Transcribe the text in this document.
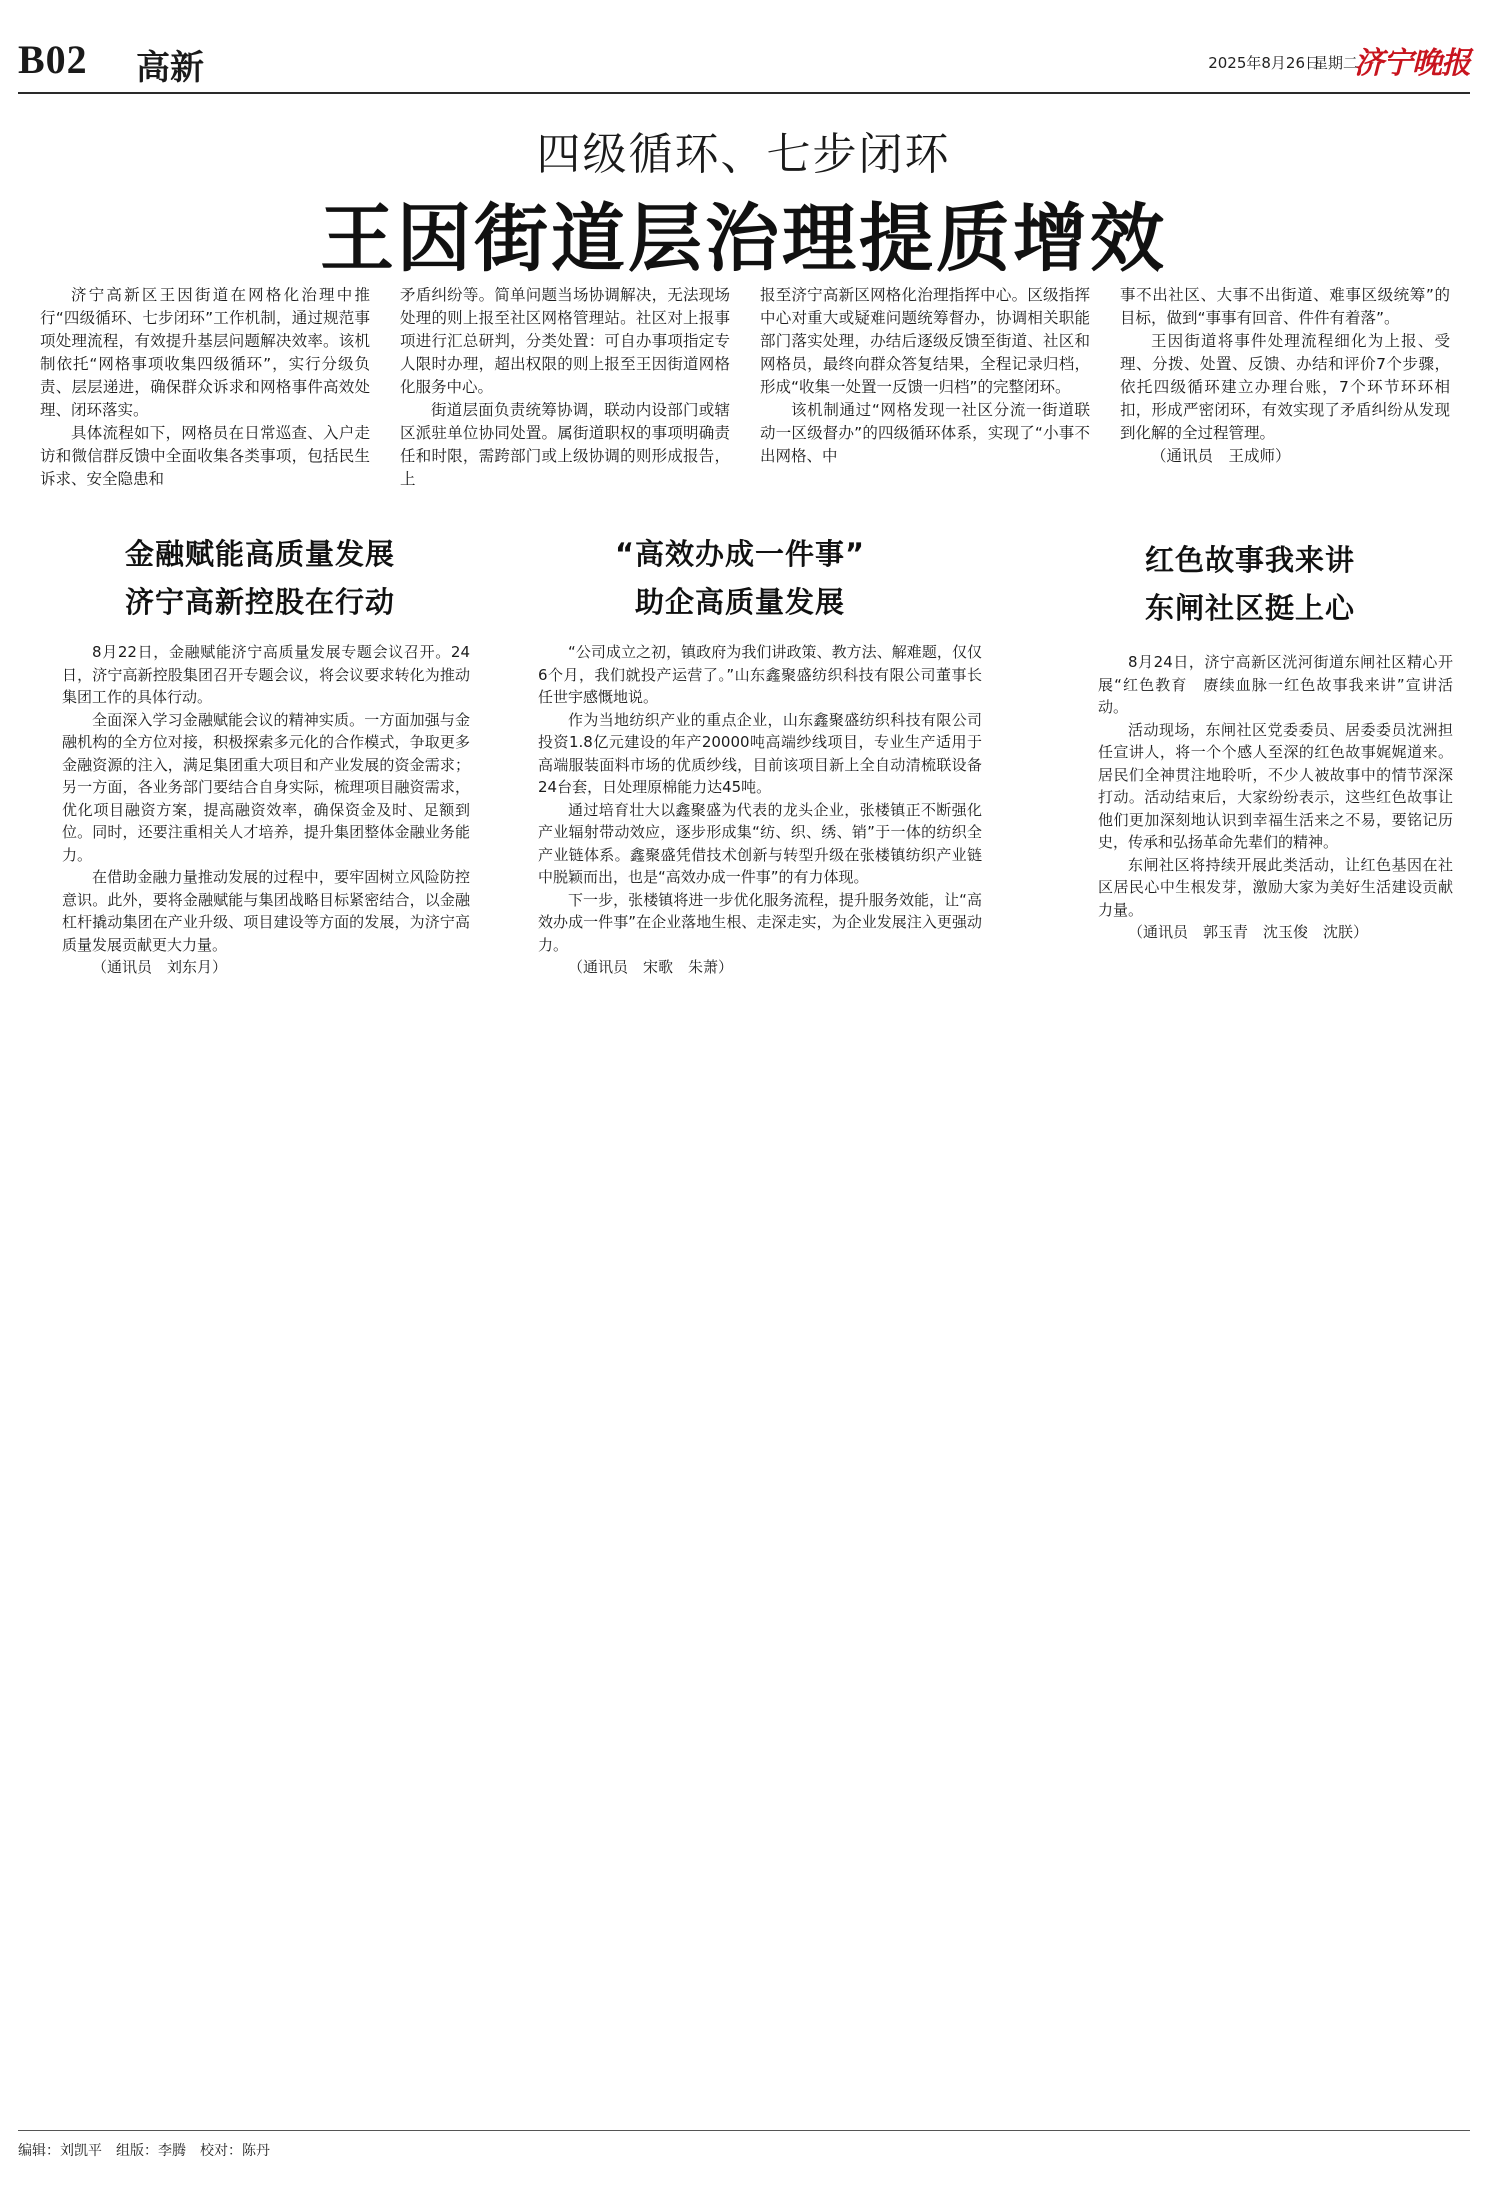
B02 高新	2025年8月26日
星期二
济宁晚报
四级循环、七步闭环
王因街道层治理提质增效

济宁高新区王因街道在网格化治理中推行“四级循环、七步闭环”工作机制，通过规范事项处理流程，有效提升基层问题解决效率。该机制依托“网格事项收集四级循环”，实行分级负责、层层递进，确保群众诉求和网格事件高效处理、闭环落实。

具体流程如下，网格员在日常巡查、入户走访和微信群反馈中全面收集各类事项，包括民生诉求、安全隐患和

矛盾纠纷等。简单问题当场协调解决，无法现场处理的则上报至社区网格管理站。社区对上报事项进行汇总研判，分类处置：可自办事项指定专人限时办理，超出权限的则上报至王因街道网格化服务中心。

街道层面负责统筹协调，联动内设部门或辖区派驻单位协同处置。属街道职权的事项明确责任和时限，需跨部门或上级协调的则形成报告，上

报至济宁高新区网格化治理指挥中心。区级指挥中心对重大或疑难问题统筹督办，协调相关职能部门落实处理，办结后逐级反馈至街道、社区和网格员，最终向群众答复结果，全程记录归档，形成“收集一处置一反馈一归档”的完整闭环。

该机制通过“网格发现一社区分流一街道联动一区级督办”的四级循环体系，实现了“小事不出网格、中

事不出社区、大事不出街道、难事区级统筹”的目标，做到“事事有回音、件件有着落”。

王因街道将事件处理流程细化为上报、受理、分拨、处置、反馈、办结和评价7个步骤，依托四级循环建立办理台账，7个环节环环相扣，形成严密闭环，有效实现了矛盾纠纷从发现到化解的全过程管理。

（通讯员　王成师）

金融赋能高质量发展
济宁高新控股在行动

8月22日，金融赋能济宁高质量发展专题会议召开。24日，济宁高新控股集团召开专题会议，将会议要求转化为推动集团工作的具体行动。

全面深入学习金融赋能会议的精神实质。一方面加强与金融机构的全方位对接，积极探索多元化的合作模式，争取更多金融资源的注入，满足集团重大项目和产业发展的资金需求；另一方面，各业务部门要结合自身实际，梳理项目融资需求，优化项目融资方案，提高融资效率，确保资金及时、足额到位。同时，还要注重相关人才培养，提升集团整体金融业务能力。

在借助金融力量推动发展的过程中，要牢固树立风险防控意识。此外，要将金融赋能与集团战略目标紧密结合，以金融杠杆撬动集团在产业升级、项目建设等方面的发展，为济宁高质量发展贡献更大力量。

（通讯员　刘东月）

“高效办成一件事”
助企高质量发展

“公司成立之初，镇政府为我们讲政策、教方法、解难题，仅仅6个月，我们就投产运营了。”山东鑫聚盛纺织科技有限公司董事长任世宇感慨地说。

作为当地纺织产业的重点企业，山东鑫聚盛纺织科技有限公司投资1.8亿元建设的年产20000吨高端纱线项目，专业生产适用于高端服装面料市场的优质纱线，目前该项目新上全自动清梳联设备24台套，日处理原棉能力达45吨。

通过培育壮大以鑫聚盛为代表的龙头企业，张楼镇正不断强化产业辐射带动效应，逐步形成集“纺、织、绣、销”于一体的纺织全产业链体系。鑫聚盛凭借技术创新与转型升级在张楼镇纺织产业链中脱颖而出，也是“高效办成一件事”的有力体现。

下一步，张楼镇将进一步优化服务流程，提升服务效能，让“高效办成一件事”在企业落地生根、走深走实，为企业发展注入更强动力。

（通讯员　宋歌　朱萧）

红色故事我来讲
东闸社区挺上心

8月24日，济宁高新区洸河街道东闸社区精心开展“红色教育　赓续血脉一红色故事我来讲”宣讲活动。

活动现场，东闸社区党委委员、居委委员沈洲担任宣讲人，将一个个感人至深的红色故事娓娓道来。居民们全神贯注地聆听，不少人被故事中的情节深深打动。活动结束后，大家纷纷表示，这些红色故事让他们更加深刻地认识到幸福生活来之不易，要铭记历史，传承和弘扬革命先辈们的精神。

东闸社区将持续开展此类活动，让红色基因在社区居民心中生根发芽，激励大家为美好生活建设贡献力量。

（通讯员　郭玉青　沈玉俊　沈朕）

编辑：刘凯平　组版：李腾　校对：陈丹
